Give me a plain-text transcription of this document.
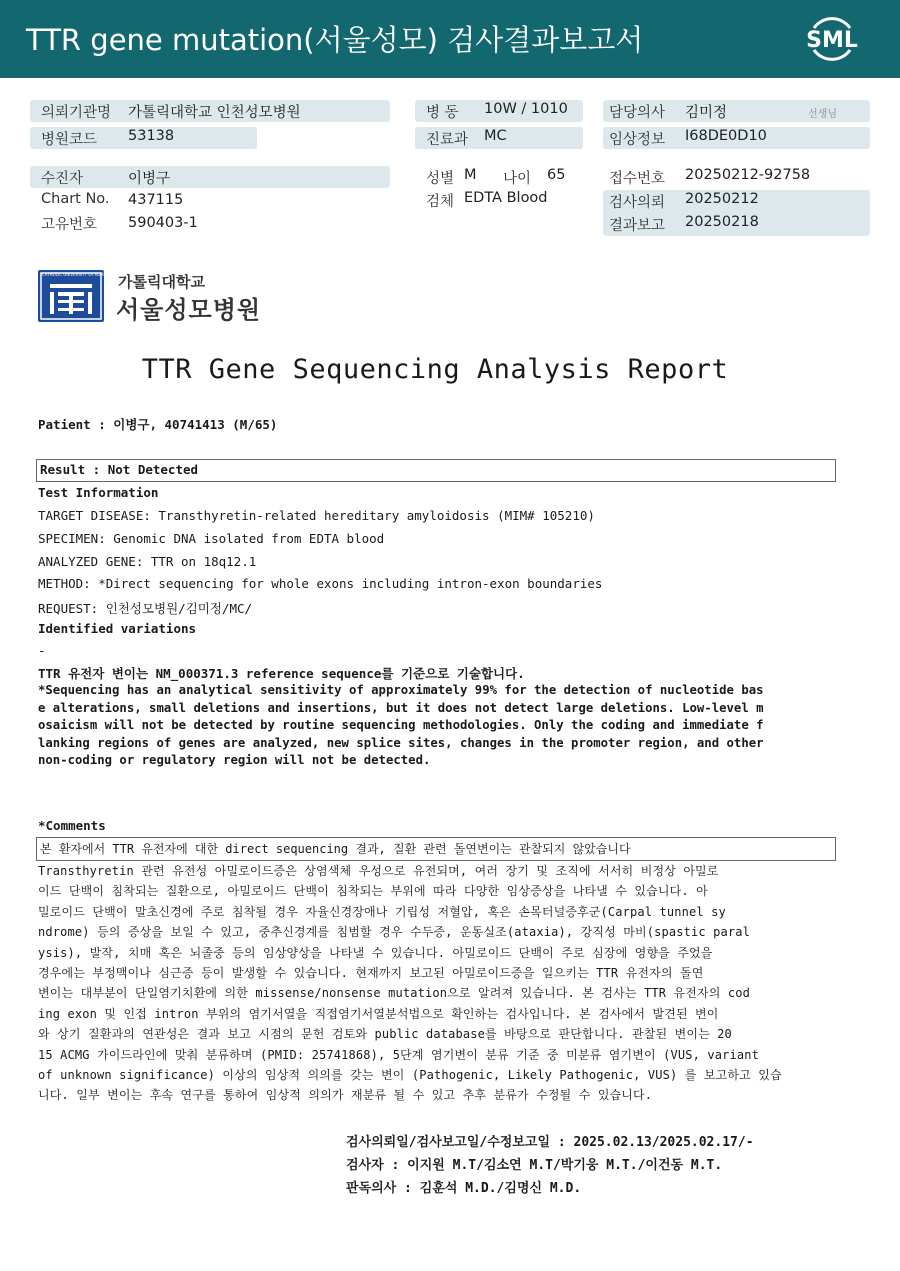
TTR gene mutation(서울성모) 검사결과보고서	SML
의뢰기관명 가톨릭대학교 인천성모병원
병원코드 53138
병 동 10W / 1010
진료과 MC
담당의사 김미정	선생님
임상정보 I68DE0D10
수진자	이병구
Chart No. 437115
고유번호 590403-1
성별 M 나이 65
검체 EDTA Blood
접수번호 20250212-92758
검사의뢰 20250212
결과보고 20250218
CATHOLIC UNIVERSITY OF KOREA 가톨릭대학교
서울성모병원
TTR Gene Sequencing Analysis Report
Patient : 이병구, 40741413 (M/65)
Result : Not Detected
Test Information
TARGET DISEASE: Transthyretin-related hereditary amyloidosis (MIM# 105210)
SPECIMEN: Genomic DNA isolated from EDTA blood
ANALYZED GENE: TTR on 18q12.1
METHOD: *Direct sequencing for whole exons including intron-exon boundaries
REQUEST: 인천성모병원/김미정/MC/
Identified variations
-
TTR 유전자 변이는 NM_000371.3 reference sequence를 기준으로 기술합니다.
*Sequencing has an analytical sensitivity of approximately 99% for the detection of nucleotide bas
e alterations, small deletions and insertions, but it does not detect large deletions. Low-level m
osaicism will not be detected by routine sequencing methodologies. Only the coding and immediate f
lanking regions of genes are analyzed, new splice sites, changes in the promoter region, and other
non-coding or regulatory region will not be detected.
*Comments
본 환자에서 TTR 유전자에 대한 direct sequencing 결과, 질환 관련 돌연변이는 관찰되지 않았습니다
Transthyretin 관련 유전성 아밀로이드증은 상염색체 우성으로 유전되며, 여러 장기 및 조직에 서서히 비정상 아밀로
이드 단백이 침착되는 질환으로, 아밀로이드 단백이 침착되는 부위에 따라 다양한 임상증상을 나타낼 수 있습니다. 아
밀로이드 단백이 말초신경에 주로 침착될 경우 자율신경장애나 기립성 저혈압, 혹은 손목터널증후군(Carpal tunnel sy
ndrome) 등의 증상을 보일 수 있고, 중추신경계를 침범할 경우 수두증, 운동실조(ataxia), 강직성 마비(spastic paral
ysis), 발작, 치매 혹은 뇌졸중 등의 임상양상을 나타낼 수 있습니다. 아밀로이드 단백이 주로 심장에 영향을 주었을
경우에는 부정맥이나 심근증 등이 발생할 수 있습니다. 현재까지 보고된 아밀로이드증을 일으키는 TTR 유전자의 돌연
변이는 대부분이 단일염기치환에 의한 missense/nonsense mutation으로 알려져 있습니다. 본 검사는 TTR 유전자의 cod
ing exon 및 인접 intron 부위의 염기서열을 직접염기서열분석법으로 확인하는 검사입니다. 본 검사에서 발견된 변이
와 상기 질환과의 연관성은 결과 보고 시점의 문헌 검토와 public database를 바탕으로 판단합니다. 관찰된 변이는 20
15 ACMG 가이드라인에 맞춰 분류하며 (PMID: 25741868), 5단계 염기변이 분류 기준 중 미분류 염기변이 (VUS, variant
of unknown significance) 이상의 임상적 의의를 갖는 변이 (Pathogenic, Likely Pathogenic, VUS) 를 보고하고 있습
니다. 일부 변이는 후속 연구를 통하여 임상적 의의가 재분류 될 수 있고 추후 분류가 수정될 수 있습니다.
검사의뢰일/검사보고일/수정보고일 : 2025.02.13/2025.02.17/-
검사자 : 이지원 M.T/김소연 M.T/박기웅 M.T./이건동 M.T.
판독의사 : 김훈석 M.D./김명신 M.D.
